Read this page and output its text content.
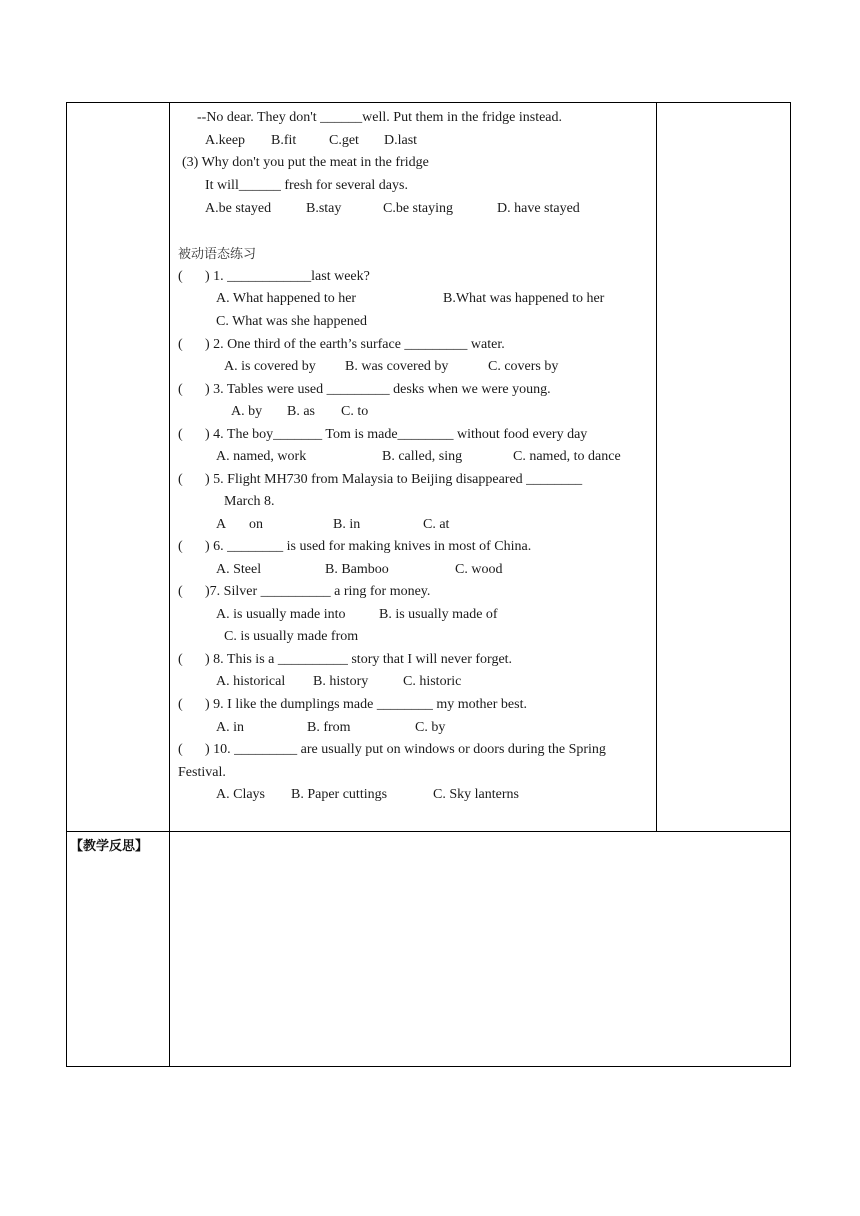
--No dear. They don't ______well. Put them in the fridge instead.
A.keep B.fit C.get D.last
(3) Why don't you put the meat in the fridge
It will______ fresh for several days.
A.be stayed B.stay	C.be staying	D. have stayed
被动语态练习
( ) 1. ____________last week?
A. What happened to her	B.What was happened to her
C. What was she happened
( ) 2. One third of the earth’s surface _________ water.
A. is covered by B. was covered by	C. covers by
( ) 3. Tables were used _________ desks when we were young.
A. by B. as C. to
( ) 4. The boy_______ Tom is made________ without food every day
A. named, work	B. called, sing	C. named, to dance
( ) 5. Flight MH730 from Malaysia to Beijing disappeared ________
March 8.
A on	B. in	C. at
( ) 6. ________ is used for making knives in most of China.
A. Steel	B. Bamboo	C. wood
( )7. Silver __________ a ring for money.
A. is usually made into B. is usually made of
C. is usually made from
( ) 8. This is a __________ story that I will never forget.
A. historical B. history C. historic
( ) 9. I like the dumplings made ________ my mother best.
A. in	B. from	C. by
( ) 10. _________ are usually put on windows or doors during the Spring
Festival.
A. Clays B. Paper cuttings	C. Sky lanterns
【教学反思】
